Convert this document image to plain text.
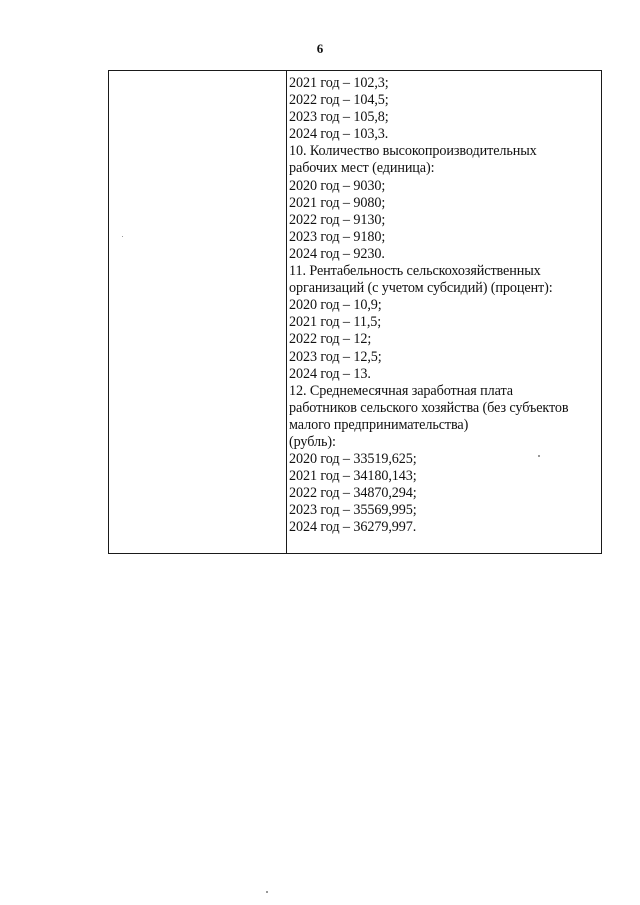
6
2021 год – 102,3;
2022 год – 104,5;
2023 год – 105,8;
2024 год – 103,3.
10. Количество высокопроизводительных
рабочих мест (единица):
2020 год – 9030;
2021 год – 9080;
2022 год – 9130;
2023 год – 9180;
2024 год – 9230.
11. Рентабельность сельскохозяйственных
организаций (с учетом субсидий) (процент):
2020 год – 10,9;
2021 год – 11,5;
2022 год – 12;
2023 год – 12,5;
2024 год – 13.
12. Среднемесячная заработная плата
работников сельского хозяйства (без субъектов
малого предпринимательства)
(рубль):
2020 год – 33519,625;
2021 год – 34180,143;
2022 год – 34870,294;
2023 год – 35569,995;
2024 год – 36279,997.
